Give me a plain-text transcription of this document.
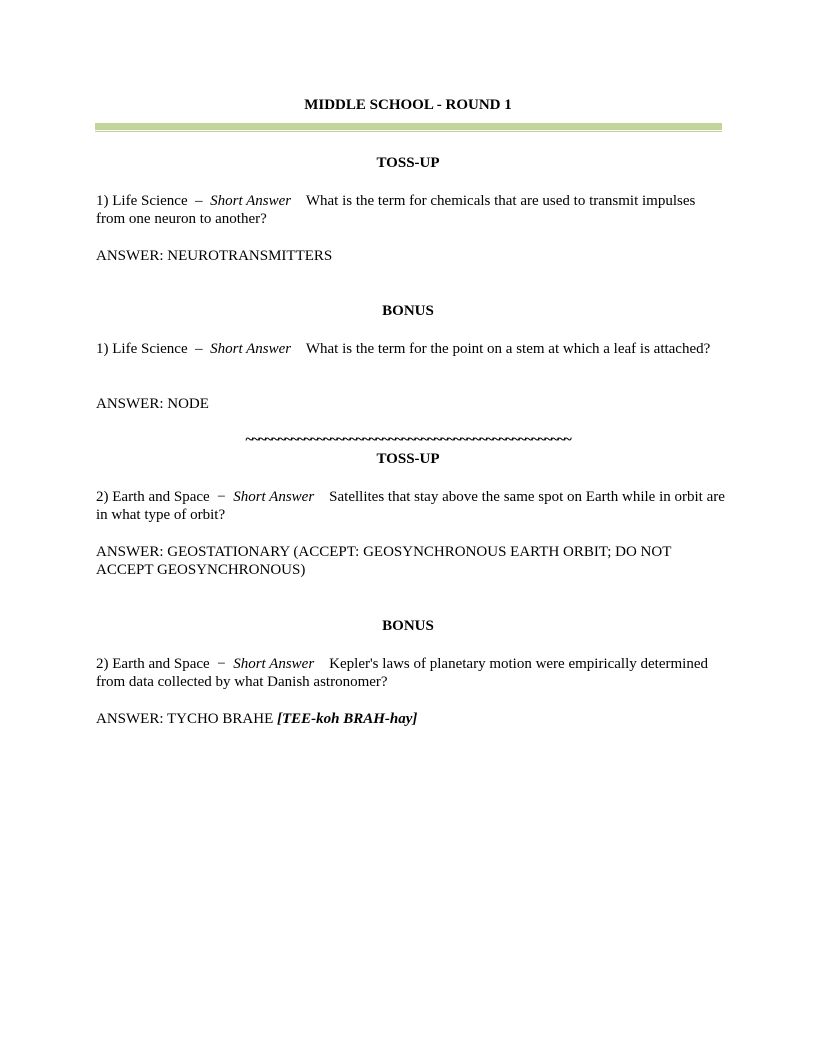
MIDDLE SCHOOL - ROUND 1
TOSS-UP
1) Life Science – Short Answer What is the term for chemicals that are used to transmit impulses from one neuron to another?
ANSWER: NEUROTRANSMITTERS
BONUS
1) Life Science – Short Answer What is the term for the point on a stem at which a leaf is attached?
ANSWER: NODE
~~~~~~~~~~~~~~~~~~~~~~~~~~~~~~~~~~~~~~~~~~~~~~~~~~
TOSS-UP
2) Earth and Space − Short Answer Satellites that stay above the same spot on Earth while in orbit are in what type of orbit?
ANSWER: GEOSTATIONARY (ACCEPT: GEOSYNCHRONOUS EARTH ORBIT; DO NOT ACCEPT GEOSYNCHRONOUS)
BONUS
2) Earth and Space − Short Answer Kepler's laws of planetary motion were empirically determined from data collected by what Danish astronomer?
ANSWER: TYCHO BRAHE [TEE-koh BRAH-hay]
